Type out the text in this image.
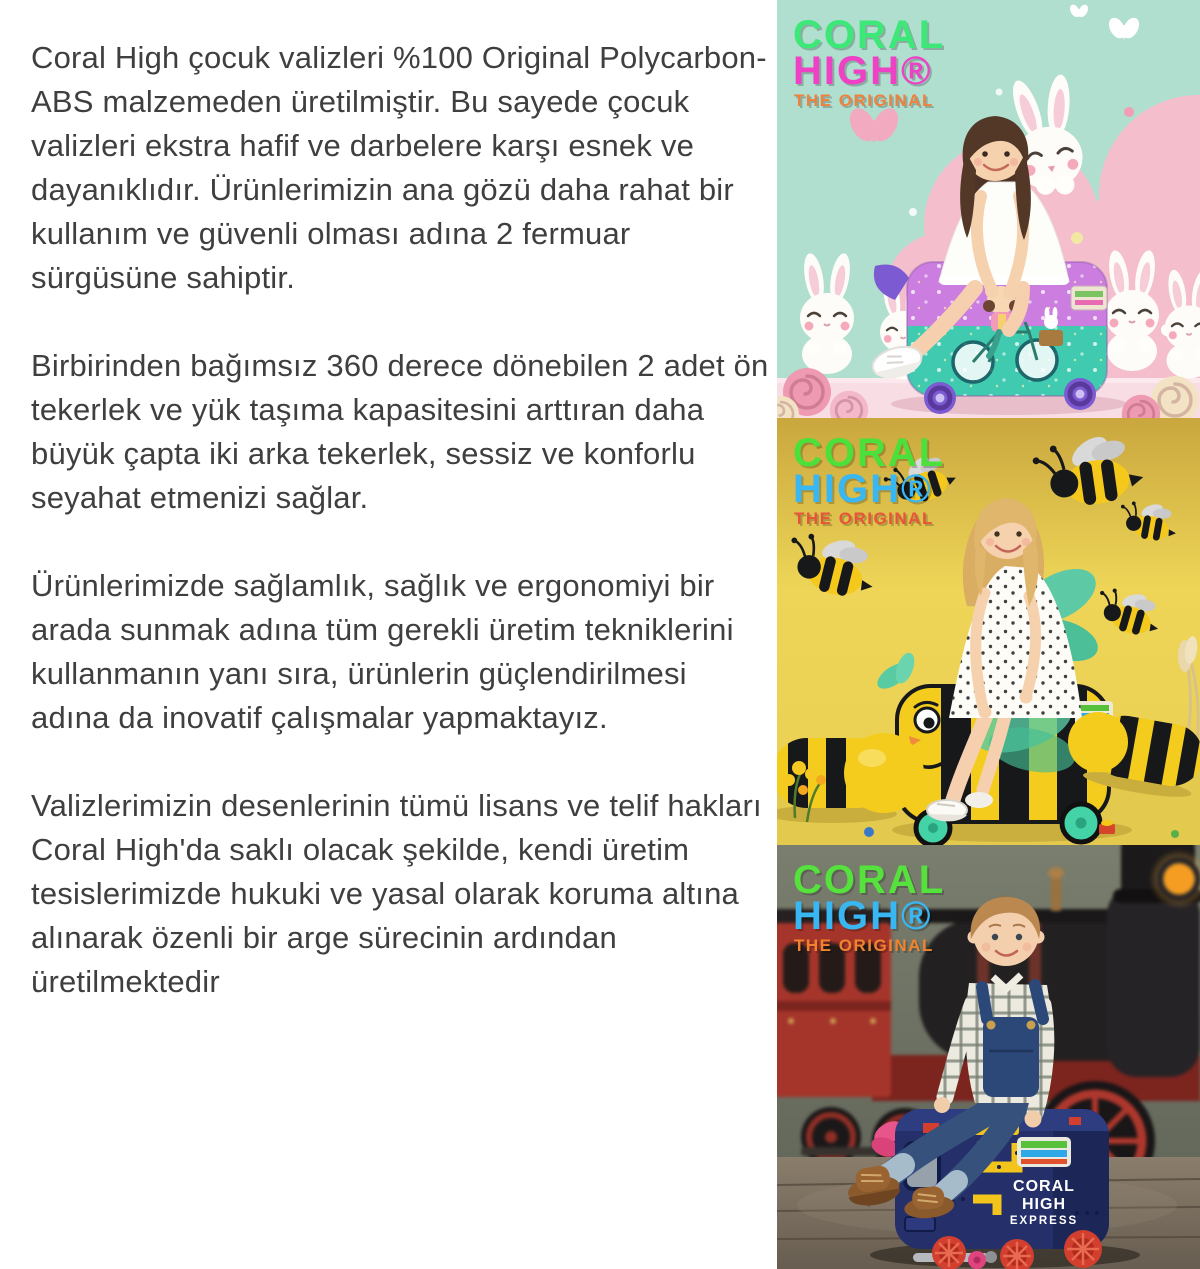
Coral High çocuk valizleri %100 Original Polycarbon-ABS malzemeden üretilmiştir. Bu sayede çocuk valizleri ekstra hafif ve darbelere karşı esnek ve dayanıklıdır. Ürünlerimizin ana gözü daha rahat bir kullanım ve güvenli olması adına 2 fermuar sürgüsüne sahiptir.

Birbirinden bağımsız 360 derece dönebilen 2 adet ön tekerlek ve yük taşıma kapasitesini arttıran daha büyük çapta iki arka tekerlek, sessiz ve konforlu seyahat etmenizi sağlar.

Ürünlerimizde sağlamlık, sağlık ve ergonomiyi bir arada sunmak adına tüm gerekli üretim tekniklerini kullanmanın yanı sıra, ürünlerin güçlendirilmesi adına da inovatif çalışmalar yapmaktayız.

Valizlerimizin desenlerinin tümü lisans ve telif hakları Coral High'da saklı olacak şekilde, kendi üretim tesislerimizde hukuki ve yasal olarak koruma altına alınarak özenli bir arge sürecinin ardından üretilmektedir

CORAL
HIGH®
THE ORIGINAL
CORAL
HIGH®
THE ORIGINAL
CORAL
HIGH
EXPRESS
CORAL
HIGH®
THE ORIGINAL
